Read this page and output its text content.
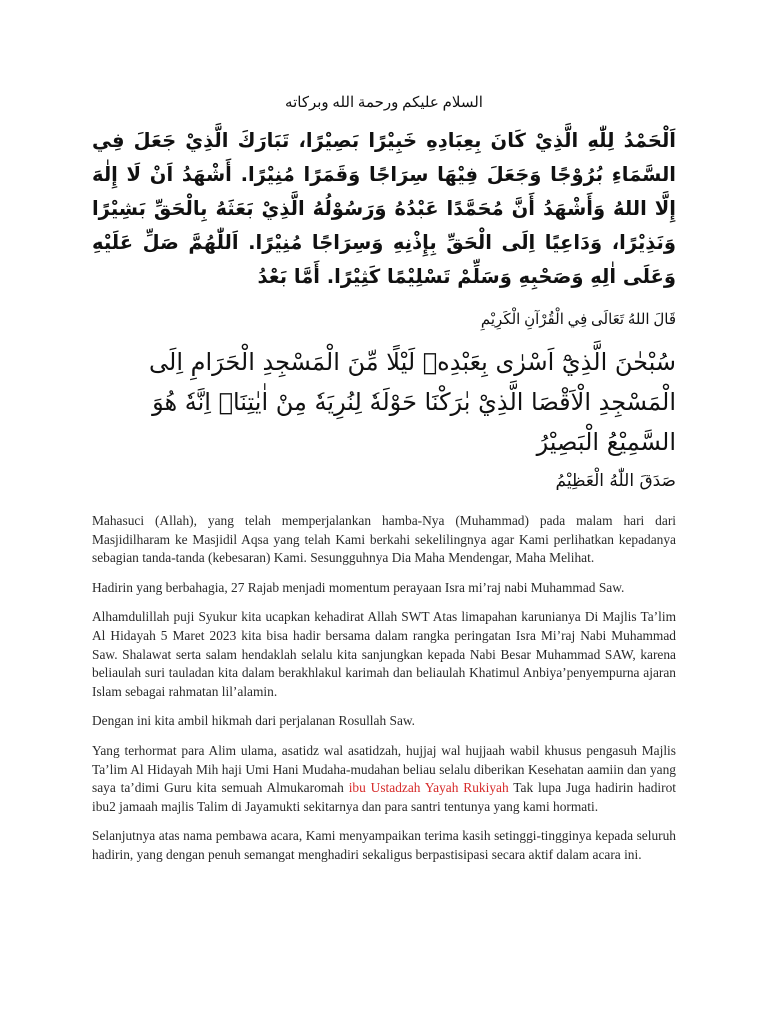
السلام عليكم ورحمة الله وبركاته

اَلْحَمْدُ لِلّٰهِ الَّذِيْ كَانَ بِعِبَادِهِ خَبِيْرًا بَصِيْرًا، تَبَارَكَ الَّذِيْ جَعَلَ فِي السَّمَاءِ بُرُوْجًا وَجَعَلَ فِيْهَا سِرَاجًا وَقَمَرًا مُنِيْرًا. أَشْهَدُ اَنْ لَا إِلٰهَ إِلَّا اللهُ وَأَشْهَدُ أَنَّ مُحَمَّدًا عَبْدُهُ وَرَسُوْلُهُ الَّذِيْ بَعَثَهُ بِالْحَقِّ بَشِيْرًا وَنَذِيْرًا، وَدَاعِيًا اِلَى الْحَقِّ بِإِذْنِهِ وَسِرَاجًا مُنِيْرًا. اَللّٰهُمَّ صَلِّ عَلَيْهِ وَعَلَى اٰلِهِ وَصَحْبِهِ وَسَلِّمْ تَسْلِيْمًا كَثِيْرًا. أَمَّا بَعْدُ

قَالَ اللهُ تَعَالَى فِي الْقُرْآنِ الْكَرِيْمِ

سُبْحٰنَ الَّذِيْٓ اَسْرٰى بِعَبْدِهٖ لَيْلًا مِّنَ الْمَسْجِدِ الْحَرَامِ اِلَى الْمَسْجِدِ الْاَقْصَا الَّذِيْ بٰرَكْنَا حَوْلَهٗ لِنُرِيَهٗ مِنْ اٰيٰتِنَاۗ اِنَّهٗ هُوَ السَّمِيْعُ الْبَصِيْرُ

صَدَقَ اللّٰهُ الْعَظِيْمُ

Mahasuci (Allah), yang telah memperjalankan hamba-Nya (Muhammad) pada malam hari dari Masjidilharam ke Masjidil Aqsa yang telah Kami berkahi sekelilingnya agar Kami perlihatkan kepadanya sebagian tanda-tanda (kebesaran) Kami. Sesungguhnya Dia Maha Mendengar, Maha Melihat.

Hadirin yang berbahagia, 27 Rajab menjadi momentum perayaan Isra mi’raj nabi Muhammad Saw.

Alhamdulillah puji Syukur kita ucapkan kehadirat Allah SWT Atas limapahan karunianya Di Majlis Ta’lim Al Hidayah 5 Maret 2023 kita bisa hadir bersama dalam rangka peringatan Isra Mi’raj Nabi Muhammad Saw. Shalawat serta salam hendaklah selalu kita sanjungkan kepada Nabi Besar Muhammad SAW, karena beliaulah suri tauladan kita dalam berakhlakul karimah dan beliaulah Khatimul Anbiya’penyempurna ajaran Islam sebagai rahmatan lil’alamin.

Dengan ini kita ambil hikmah dari perjalanan Rosullah Saw.

Yang terhormat para Alim ulama, asatidz wal asatidzah, hujjaj wal hujjaah wabil khusus pengasuh Majlis Ta’lim Al Hidayah Mih haji Umi Hani Mudaha-mudahan beliau selalu diberikan Kesehatan aamiin dan yang saya ta’dimi Guru kita semuah Almukaromah ibu Ustadzah Yayah Rukiyah Tak lupa Juga hadirin hadirot ibu2 jamaah majlis Talim di Jayamukti sekitarnya dan para santri tentunya yang kami hormati.

Selanjutnya atas nama pembawa acara, Kami menyampaikan terima kasih setinggi-tingginya kepada seluruh hadirin, yang dengan penuh semangat menghadiri sekaligus berpastisipasi secara aktif dalam acara ini.
